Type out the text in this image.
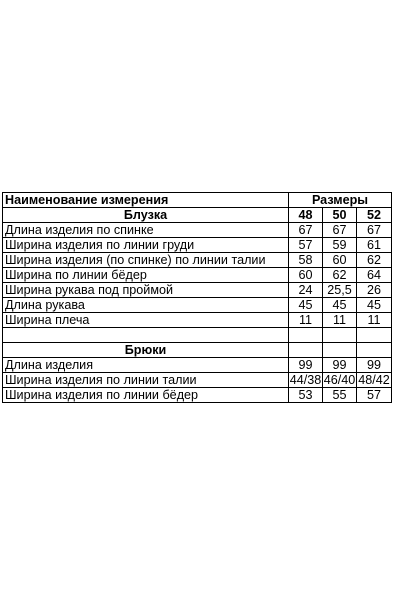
Наименование измерения	Размеры		
Блузка	48	50	52
Длина изделия по спинке	67	67	67
Ширина изделия по линии груди	57	59	61
Ширина изделия (по спинке) по линии талии	58	60	62
Ширина по линии бёдер	60	62	64
Ширина рукава под проймой	24	25,5	26
Длина рукава	45	45	45
Ширина плеча	11	11	11

Брюки			
Длина изделия	99	99	99
Ширина изделия по линии талии	44/38	46/40	48/42
Ширина изделия по линии бёдер	53	55	57
